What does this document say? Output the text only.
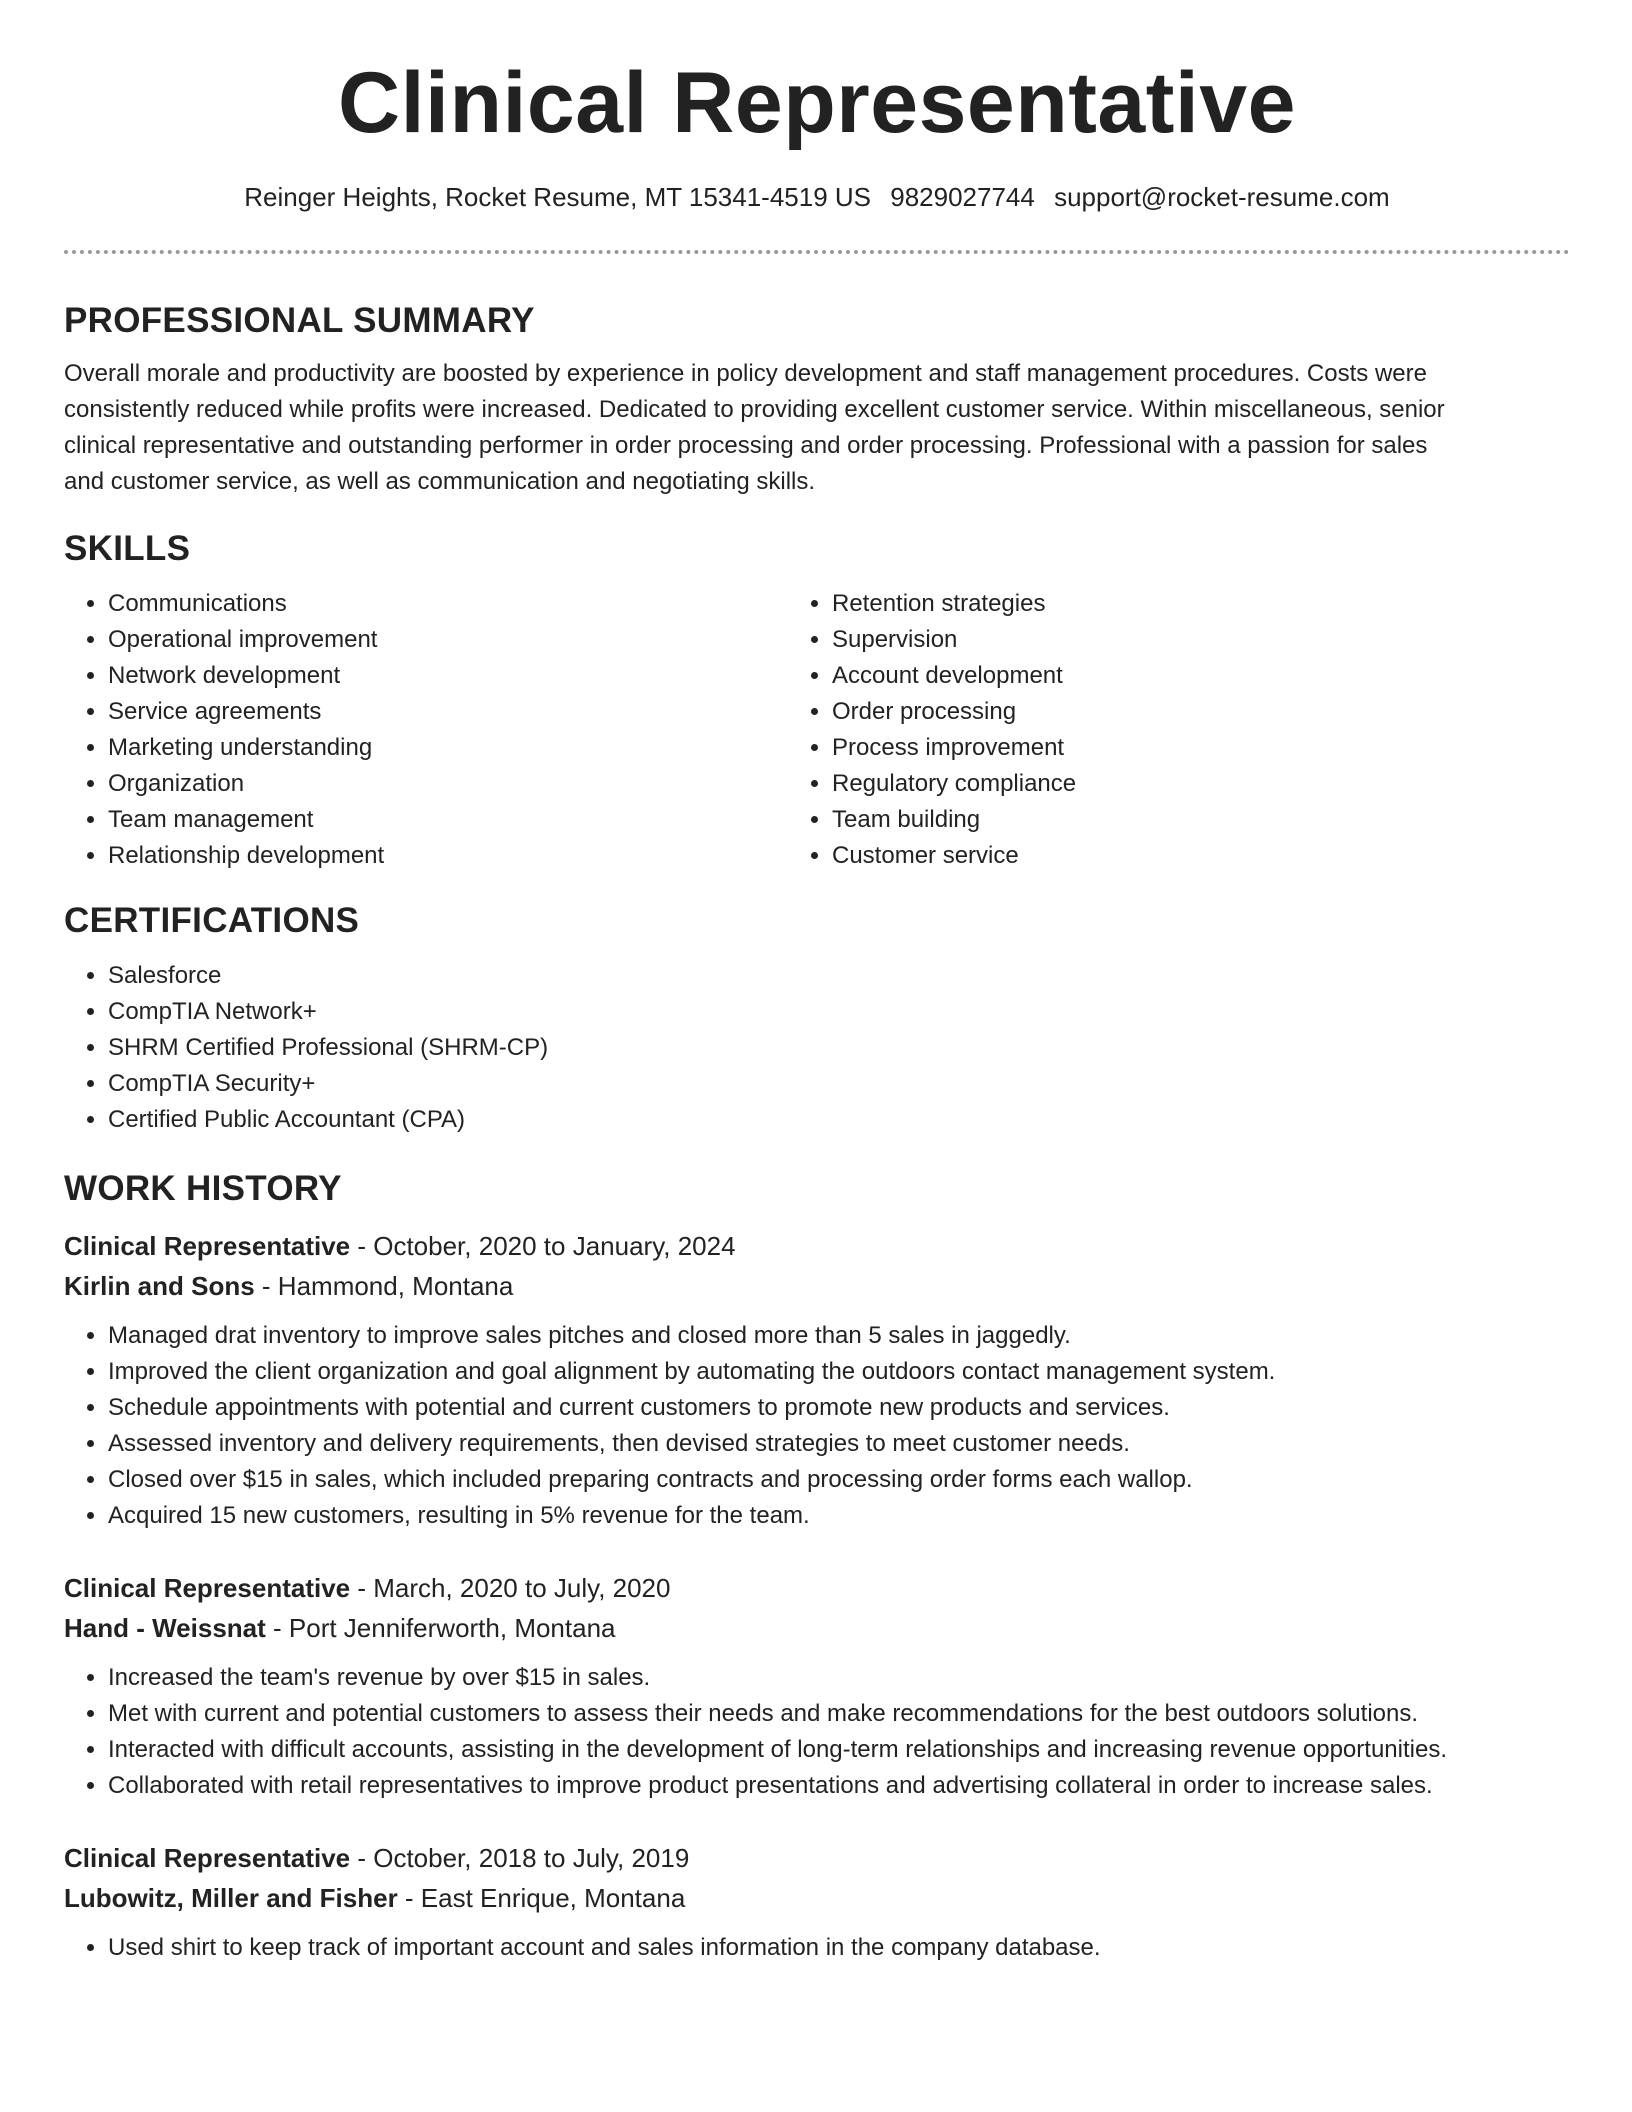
Clinical Representative
Reinger Heights, Rocket Resume, MT 15341-4519 US 9829027744 support@rocket-resume.com
PROFESSIONAL SUMMARY

Overall morale and productivity are boosted by experience in policy development and staff management procedures. Costs were consistently reduced while profits were increased. Dedicated to providing excellent customer service. Within miscellaneous, senior clinical representative and outstanding performer in order processing and order processing. Professional with a passion for sales and customer service, as well as communication and negotiating skills.

SKILLS
• Communications
• Operational improvement
• Network development
• Service agreements
• Marketing understanding
• Organization
• Team management
• Relationship development
• Retention strategies
• Supervision
• Account development
• Order processing
• Process improvement
• Regulatory compliance
• Team building
• Customer service
CERTIFICATIONS
• Salesforce
• CompTIA Network+
• SHRM Certified Professional (SHRM-CP)
• CompTIA Security+
• Certified Public Accountant (CPA)
WORK HISTORY
Clinical Representative - October, 2020 to January, 2024
Kirlin and Sons - Hammond, Montana
• Managed drat inventory to improve sales pitches and closed more than 5 sales in jaggedly.
• Improved the client organization and goal alignment by automating the outdoors contact management system.
• Schedule appointments with potential and current customers to promote new products and services.
• Assessed inventory and delivery requirements, then devised strategies to meet customer needs.
• Closed over $15 in sales, which included preparing contracts and processing order forms each wallop.
• Acquired 15 new customers, resulting in 5% revenue for the team.
Clinical Representative - March, 2020 to July, 2020
Hand - Weissnat - Port Jenniferworth, Montana
• Increased the team's revenue by over $15 in sales.
• Met with current and potential customers to assess their needs and make recommendations for the best outdoors solutions.
• Interacted with difficult accounts, assisting in the development of long-term relationships and increasing revenue opportunities.
• Collaborated with retail representatives to improve product presentations and advertising collateral in order to increase sales.
Clinical Representative - October, 2018 to July, 2019
Lubowitz, Miller and Fisher - East Enrique, Montana
• Used shirt to keep track of important account and sales information in the company database.
